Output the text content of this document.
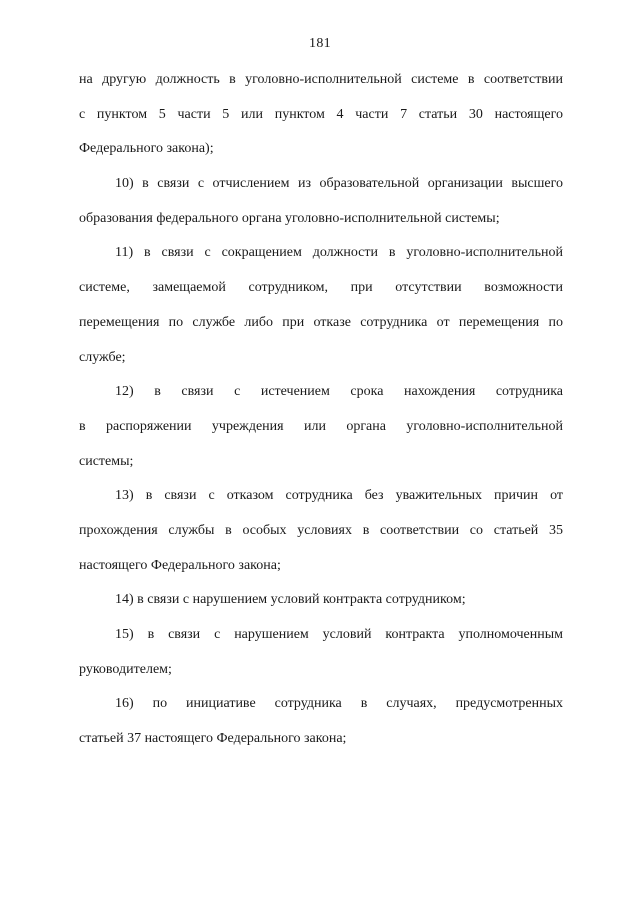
181
на другую должность в уголовно-исполнительной системе в соответствии
с пунктом 5 части 5 или пунктом 4 части 7 статьи 30 настоящего
Федерального закона);
10) в связи с отчислением из образовательной организации высшего
образования федерального органа уголовно-исполнительной системы;
11) в связи с сокращением должности в уголовно-исполнительной
системе, замещаемой сотрудником, при отсутствии возможности
перемещения по службе либо при отказе сотрудника от перемещения по
службе;
12) в связи с истечением срока нахождения сотрудника
в распоряжении учреждения или органа уголовно-исполнительной
системы;
13) в связи с отказом сотрудника без уважительных причин от
прохождения службы в особых условиях в соответствии со статьей 35
настоящего Федерального закона;
14) в связи с нарушением условий контракта сотрудником;
15) в связи с нарушением условий контракта уполномоченным
руководителем;
16) по инициативе сотрудника в случаях, предусмотренных
статьей 37 настоящего Федерального закона;
